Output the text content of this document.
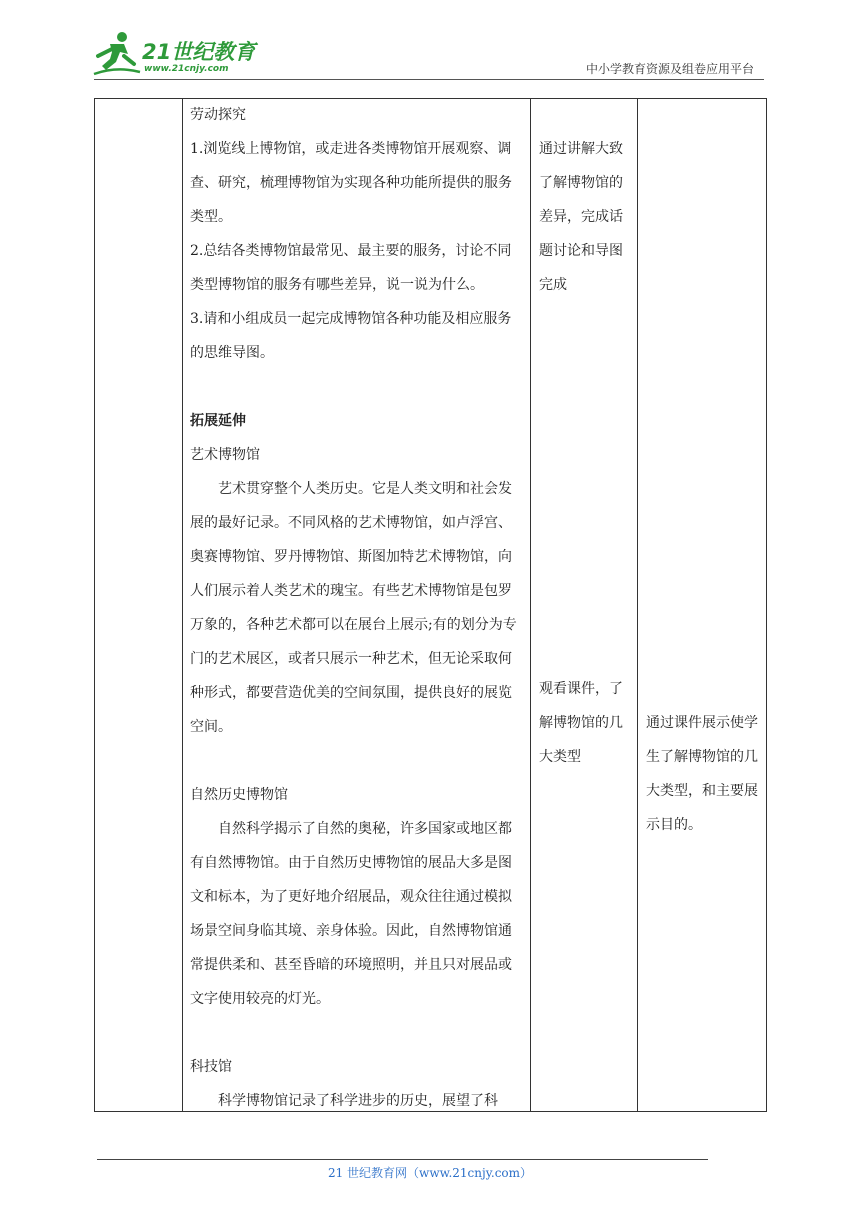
21世纪教育
www.21cnjy.com	中小学教育资源及组卷应用平台

劳动探究

1.浏览线上博物馆，或走进各类博物馆开展观察、调查、研究，梳理博物馆为实现各种功能所提供的服务类型。

2.总结各类博物馆最常见、最主要的服务，讨论不同类型博物馆的服务有哪些差异，说一说为什么。

3.请和小组成员一起完成博物馆各种功能及相应服务的思维导图。

拓展延伸

艺术博物馆

艺术贯穿整个人类历史。它是人类文明和社会发展的最好记录。不同风格的艺术博物馆，如卢浮宫、奥赛博物馆、罗丹博物馆、斯图加特艺术博物馆，向人们展示着人类艺术的瑰宝。有些艺术博物馆是包罗万象的，各种艺术都可以在展台上展示;有的划分为专门的艺术展区，或者只展示一种艺术，但无论采取何种形式，都要营造优美的空间氛围，提供良好的展览空间。

自然历史博物馆

自然科学揭示了自然的奥秘，许多国家或地区都有自然博物馆。由于自然历史博物馆的展品大多是图文和标本，为了更好地介绍展品，观众往往通过模拟场景空间身临其境、亲身体验。因此，自然博物馆通常提供柔和、甚至昏暗的环境照明，并且只对展品或文字使用较亮的灯光。

科技馆

科学博物馆记录了科学进步的历史，展望了科

通过讲解大致了解博物馆的差异，完成话题讨论和导图完成
观看课件，了解博物馆的几大类型
通过课件展示使学生了解博物馆的几大类型，和主要展示目的。
21 世纪教育网（www.21cnjy.com）
